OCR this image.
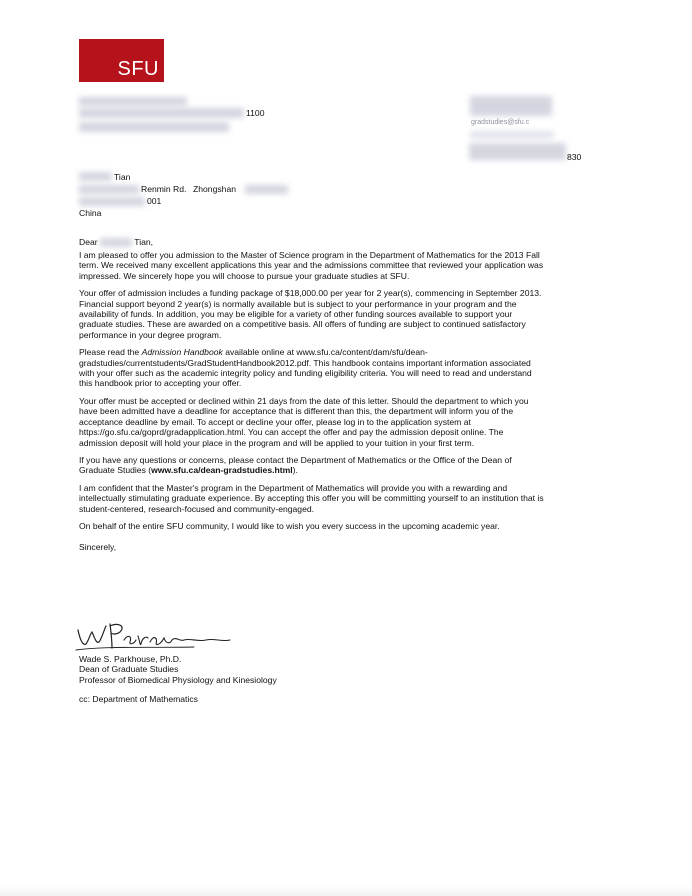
SFU
1100
gradstudies@sfu.c
830
Tian
Renmin Rd. Zhongshan
001
China
Dear	Tian,

I am pleased to offer you admission to the Master of Science program in the Department of Mathematics for the 2013 Fall
term. We received many excellent applications this year and the admissions committee that reviewed your application was
impressed. We sincerely hope you will choose to pursue your graduate studies at SFU.

Your offer of admission includes a funding package of $18,000.00 per year for 2 year(s), commencing in September 2013.
Financial support beyond 2 year(s) is normally available but is subject to your performance in your program and the
availability of funds. In addition, you may be eligible for a variety of other funding sources available to support your
graduate studies. These are awarded on a competitive basis. All offers of funding are subject to continued satisfactory
performance in your degree program.

Please read the Admission Handbook available online at www.sfu.ca/content/dam/sfu/dean-
gradstudies/currentstudents/GradStudentHandbook2012.pdf. This handbook contains important information associated
with your offer such as the academic integrity policy and funding eligibility criteria. You will need to read and understand
this handbook prior to accepting your offer.

Your offer must be accepted or declined within 21 days from the date of this letter. Should the department to which you
have been admitted have a deadline for acceptance that is different than this, the department will inform you of the
acceptance deadline by email. To accept or decline your offer, please log in to the application system at
https://go.sfu.ca/goprd/gradapplication.html. You can accept the offer and pay the admission deposit online. The
admission deposit will hold your place in the program and will be applied to your tuition in your first term.

If you have any questions or concerns, please contact the Department of Mathematics or the Office of the Dean of
Graduate Studies (www.sfu.ca/dean-gradstudies.html).

I am confident that the Master's program in the Department of Mathematics will provide you with a rewarding and
intellectually stimulating graduate experience. By accepting this offer you will be committing yourself to an institution that is
student-centered, research-focused and community-engaged.

On behalf of the entire SFU community, I would like to wish you every success in the upcoming academic year.

Sincerely,

Wade S. Parkhouse, Ph.D.
Dean of Graduate Studies
Professor of Biomedical Physiology and Kinesiology
cc: Department of Mathematics
